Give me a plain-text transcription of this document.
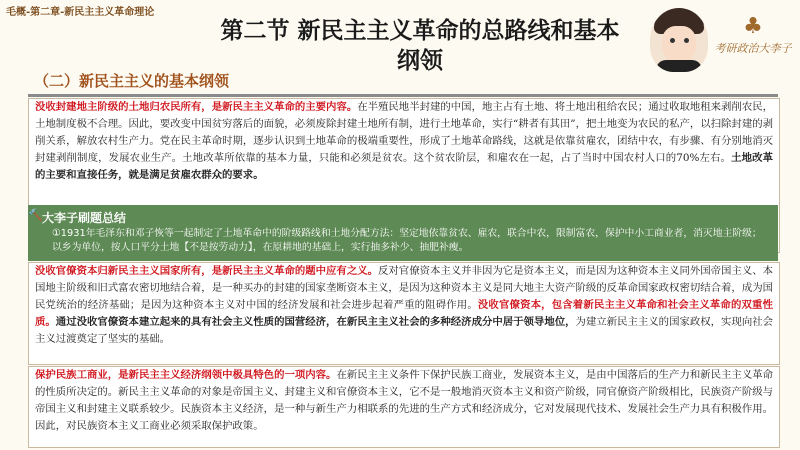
毛概-第二章-新民主主义革命理论
第二节 新民主主义革命的总路线和基本纲领
♣
考研政治大李子
（二）新民主主义的基本纲领
没收封建地主阶级的土地归农民所有，是新民主主义革命的主要内容。在半殖民地半封建的中国，地主占有土地、将土地出租给农民；通过收取地租来剥削农民，土地制度极不合理。因此，要改变中国贫穷落后的面貌，必须废除封建土地所有制，进行土地革命，实行“耕者有其田”，把土地变为农民的私产，以扫除封建的剥削关系，解放农村生产力。党在民主革命时期，逐步认识到土地革命的极端重要性，形成了土地革命路线，这就是依靠贫雇农，团结中农，有步骤、有分别地消灭封建剥削制度，发展农业生产。土地改革所依靠的基本力量，只能和必须是贫农。这个贫农阶层，和雇农在一起，占了当时中国农村人口的70%左右。土地改革的主要和直接任务，就是满足贫雇农群众的要求。
🔨 大李子刷题总结
①1931年毛泽东和邓子恢等一起制定了土地革命中的阶级路线和土地分配方法：坚定地依靠贫农、雇农，联合中农，限制富农，保护中小工商业者，消灭地主阶级；以乡为单位，按人口平分土地【不是按劳动力】，在原耕地的基础上，实行抽多补少、抽肥补瘦。
没收官僚资本归新民主主义国家所有，是新民主主义革命的题中应有之义。反对官僚资本主义并非因为它是资本主义，而是因为这种资本主义同外国帝国主义、本国地主阶级和旧式富农密切地结合着，是一种买办的封建的国家垄断资本主义，是因为这种资本主义是同大地主大资产阶级的反革命国家政权密切结合着，成为国民党统治的经济基础；是因为这种资本主义对中国的经济发展和社会进步起着严重的阻碍作用。没收官僚资本，包含着新民主主义革命和社会主义革命的双重性质。通过没收官僚资本建立起来的具有社会主义性质的国营经济，在新民主主义社会的多种经济成分中居于领导地位，为建立新民主主义的国家政权，实现向社会主义过渡奠定了坚实的基础。
保护民族工商业，是新民主主义经济纲领中极具特色的一项内容。在新民主主义条件下保护民族工商业，发展资本主义，是由中国落后的生产力和新民主主义革命的性质所决定的。新民主主义革命的对象是帝国主义、封建主义和官僚资本主义，它不是一般地消灭资本主义和资产阶级，同官僚资产阶级相比，民族资产阶级与帝国主义和封建主义联系较少。民族资本主义经济，是一种与新生产力相联系的先进的生产方式和经济成分，它对发展现代技术、发展社会生产力具有积极作用。因此，对民族资本主义工商业必须采取保护政策。
